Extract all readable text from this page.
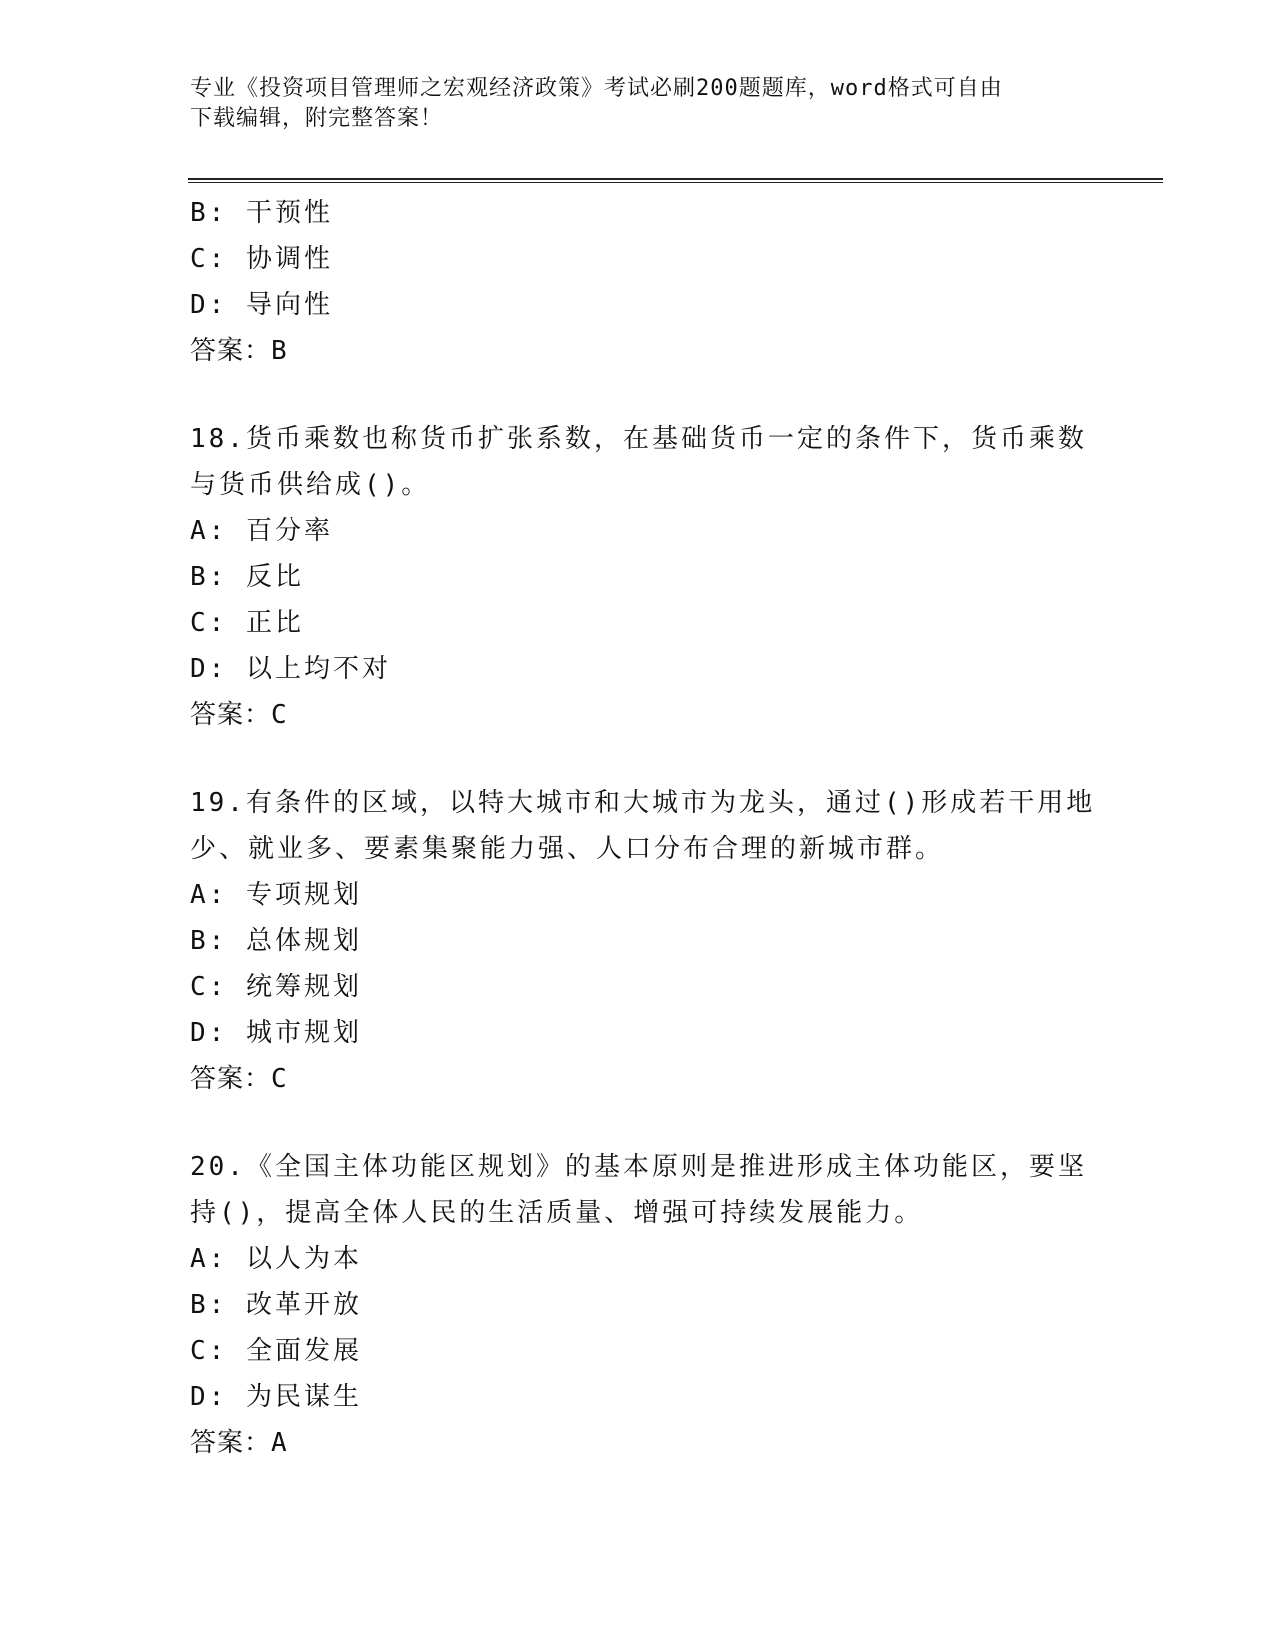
专业《投资项目管理师之宏观经济政策》考试必刷200题题库，word格式可自由
下载编辑，附完整答案！
B: 干预性
C: 协调性
D: 导向性
答案：B
18.货币乘数也称货币扩张系数，在基础货币一定的条件下，货币乘数
与货币供给成()。
A: 百分率
B: 反比
C: 正比
D: 以上均不对
答案：C
19.有条件的区域，以特大城市和大城市为龙头，通过()形成若干用地
少、就业多、要素集聚能力强、人口分布合理的新城市群。
A: 专项规划
B: 总体规划
C: 统筹规划
D: 城市规划
答案：C
20.《全国主体功能区规划》的基本原则是推进形成主体功能区，要坚
持()，提高全体人民的生活质量、增强可持续发展能力。
A: 以人为本
B: 改革开放
C: 全面发展
D: 为民谋生
答案：A
